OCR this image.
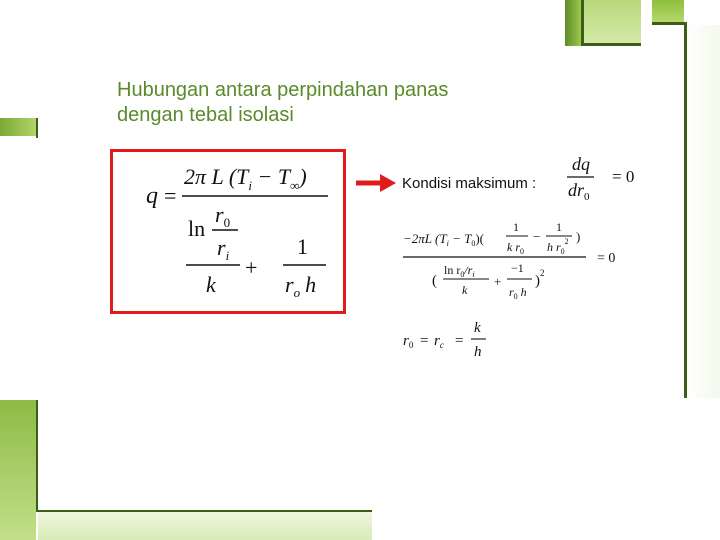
Hubungan antara perpindahan panas
dengan tebal isolasi
q =
2π L $(T_i - T_\infty)$
ln
$r_0$
$r_i$
k
+
1
$r_o$ h
Kondisi maksimum :
dq
$dr_0$
= 0
−2πL $(T_i - T_0)$(
1
k $r_0$
−
1
h $r_0^2$ )
(
$\ln r_0/r_i$
k
+
−1
$r_0$ h
)$^2$
= 0
$r_0 = r_c$ =
k
h
